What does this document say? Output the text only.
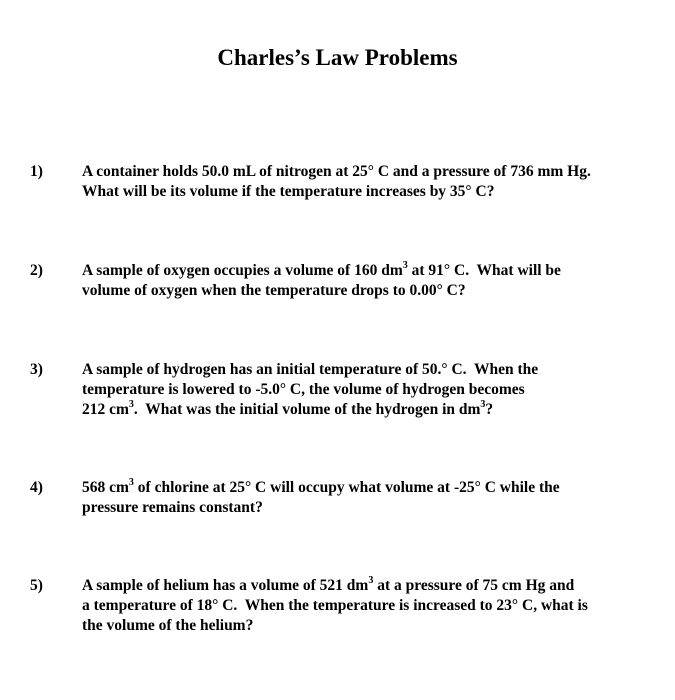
Charles’s Law Problems
1)	A container holds 50.0 mL of nitrogen at 25° C and a pressure of 736 mm Hg.
What will be its volume if the temperature increases by 35° C?
2)	A sample of oxygen occupies a volume of 160 $dm^3$ at 91° C.  What will be
volume of oxygen when the temperature drops to 0.00° C?
3)	A sample of hydrogen has an initial temperature of 50.° C.  When the
temperature is lowered to -5.0° C, the volume of hydrogen becomes
212 $cm^3$.  What was the initial volume of the hydrogen in $dm^3$?
4)	568 $cm^3$ of chlorine at 25° C will occupy what volume at -25° C while the
pressure remains constant?
5)	A sample of helium has a volume of 521 $dm^3$ at a pressure of 75 cm Hg and
a temperature of 18° C.  When the temperature is increased to 23° C, what is
the volume of the helium?
